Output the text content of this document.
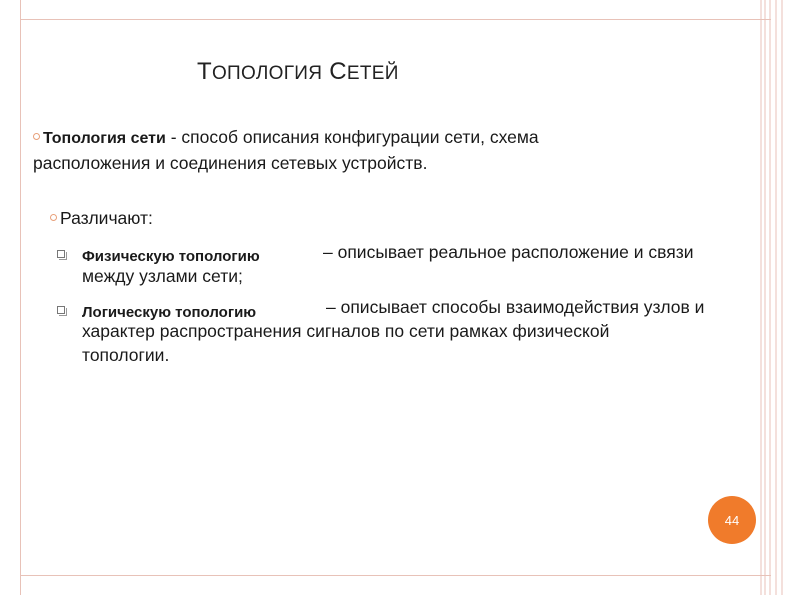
ТОПОЛОГИЯ СЕТЕЙ
Топология сети - способ описания конфигурации сети, схема
расположения и соединения сетевых устройств.
Различают:
Физическую топологию	– описывает реальное расположение и связи
между узлами сети;
Логическую топологию	– описывает способы взаимодействия узлов и
характер распространения сигналов по сети рамках физической
топологии.
44
